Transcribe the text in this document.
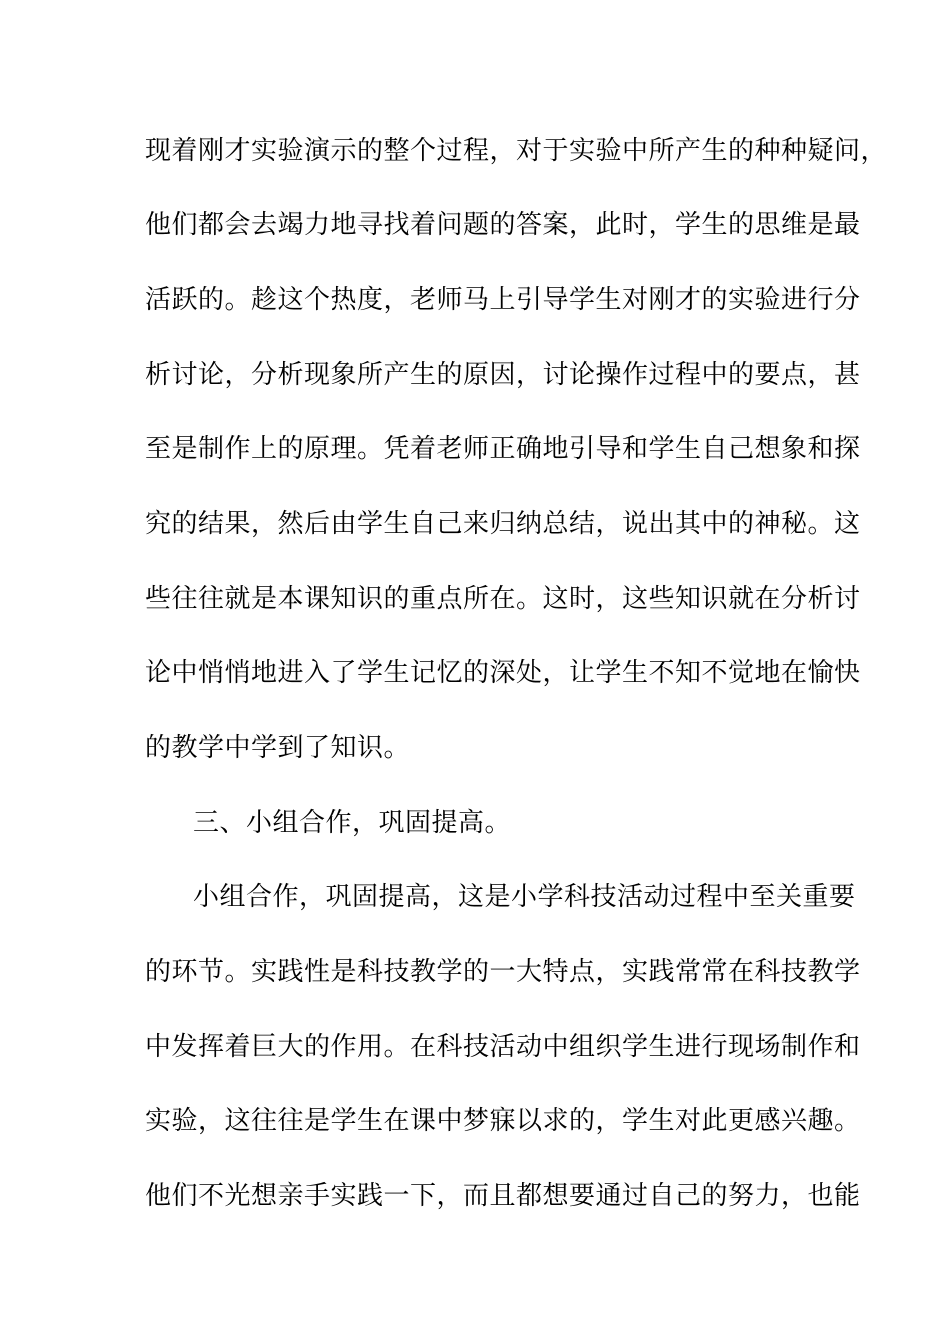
现着刚才实验演示的整个过程，对于实验中所产生的种种疑问，
他们都会去竭力地寻找着问题的答案，此时，学生的思维是最
活跃的。趁这个热度，老师马上引导学生对刚才的实验进行分
析讨论，分析现象所产生的原因，讨论操作过程中的要点，甚
至是制作上的原理。凭着老师正确地引导和学生自己想象和探
究的结果，然后由学生自己来归纳总结，说出其中的神秘。这
些往往就是本课知识的重点所在。这时，这些知识就在分析讨
论中悄悄地进入了学生记忆的深处，让学生不知不觉地在愉快
的教学中学到了知识。
三、小组合作，巩固提高。
小组合作，巩固提高，这是小学科技活动过程中至关重要
的环节。实践性是科技教学的一大特点，实践常常在科技教学
中发挥着巨大的作用。在科技活动中组织学生进行现场制作和
实验，这往往是学生在课中梦寐以求的，学生对此更感兴趣。
他们不光想亲手实践一下，而且都想要通过自己的努力，也能
